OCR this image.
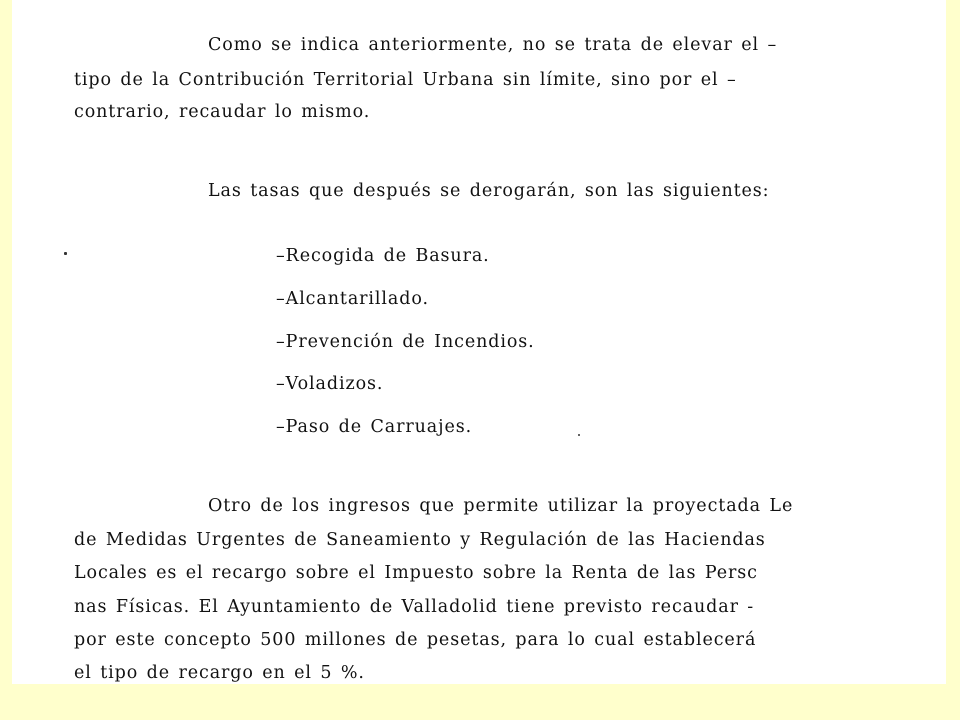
Como se indica anteriormente, no se trata de elevar el –
tipo de la Contribución Territorial Urbana sin límite, sino por el –
contrario, recaudar lo mismo.
Las tasas que después se derogarán, son las siguientes:
–Recogida de Basura.
–Alcantarillado.
–Prevención de Incendios.
–Voladizos.
–Paso de Carruajes.
Otro de los ingresos que permite utilizar la proyectada Le
de Medidas Urgentes de Saneamiento y Regulación de las Haciendas
Locales es el recargo sobre el Impuesto sobre la Renta de las Persc
nas Físicas. El Ayuntamiento de Valladolid tiene previsto recaudar -
por este concepto 500 millones de pesetas, para lo cual establecerá
el tipo de recargo en el 5 %.
